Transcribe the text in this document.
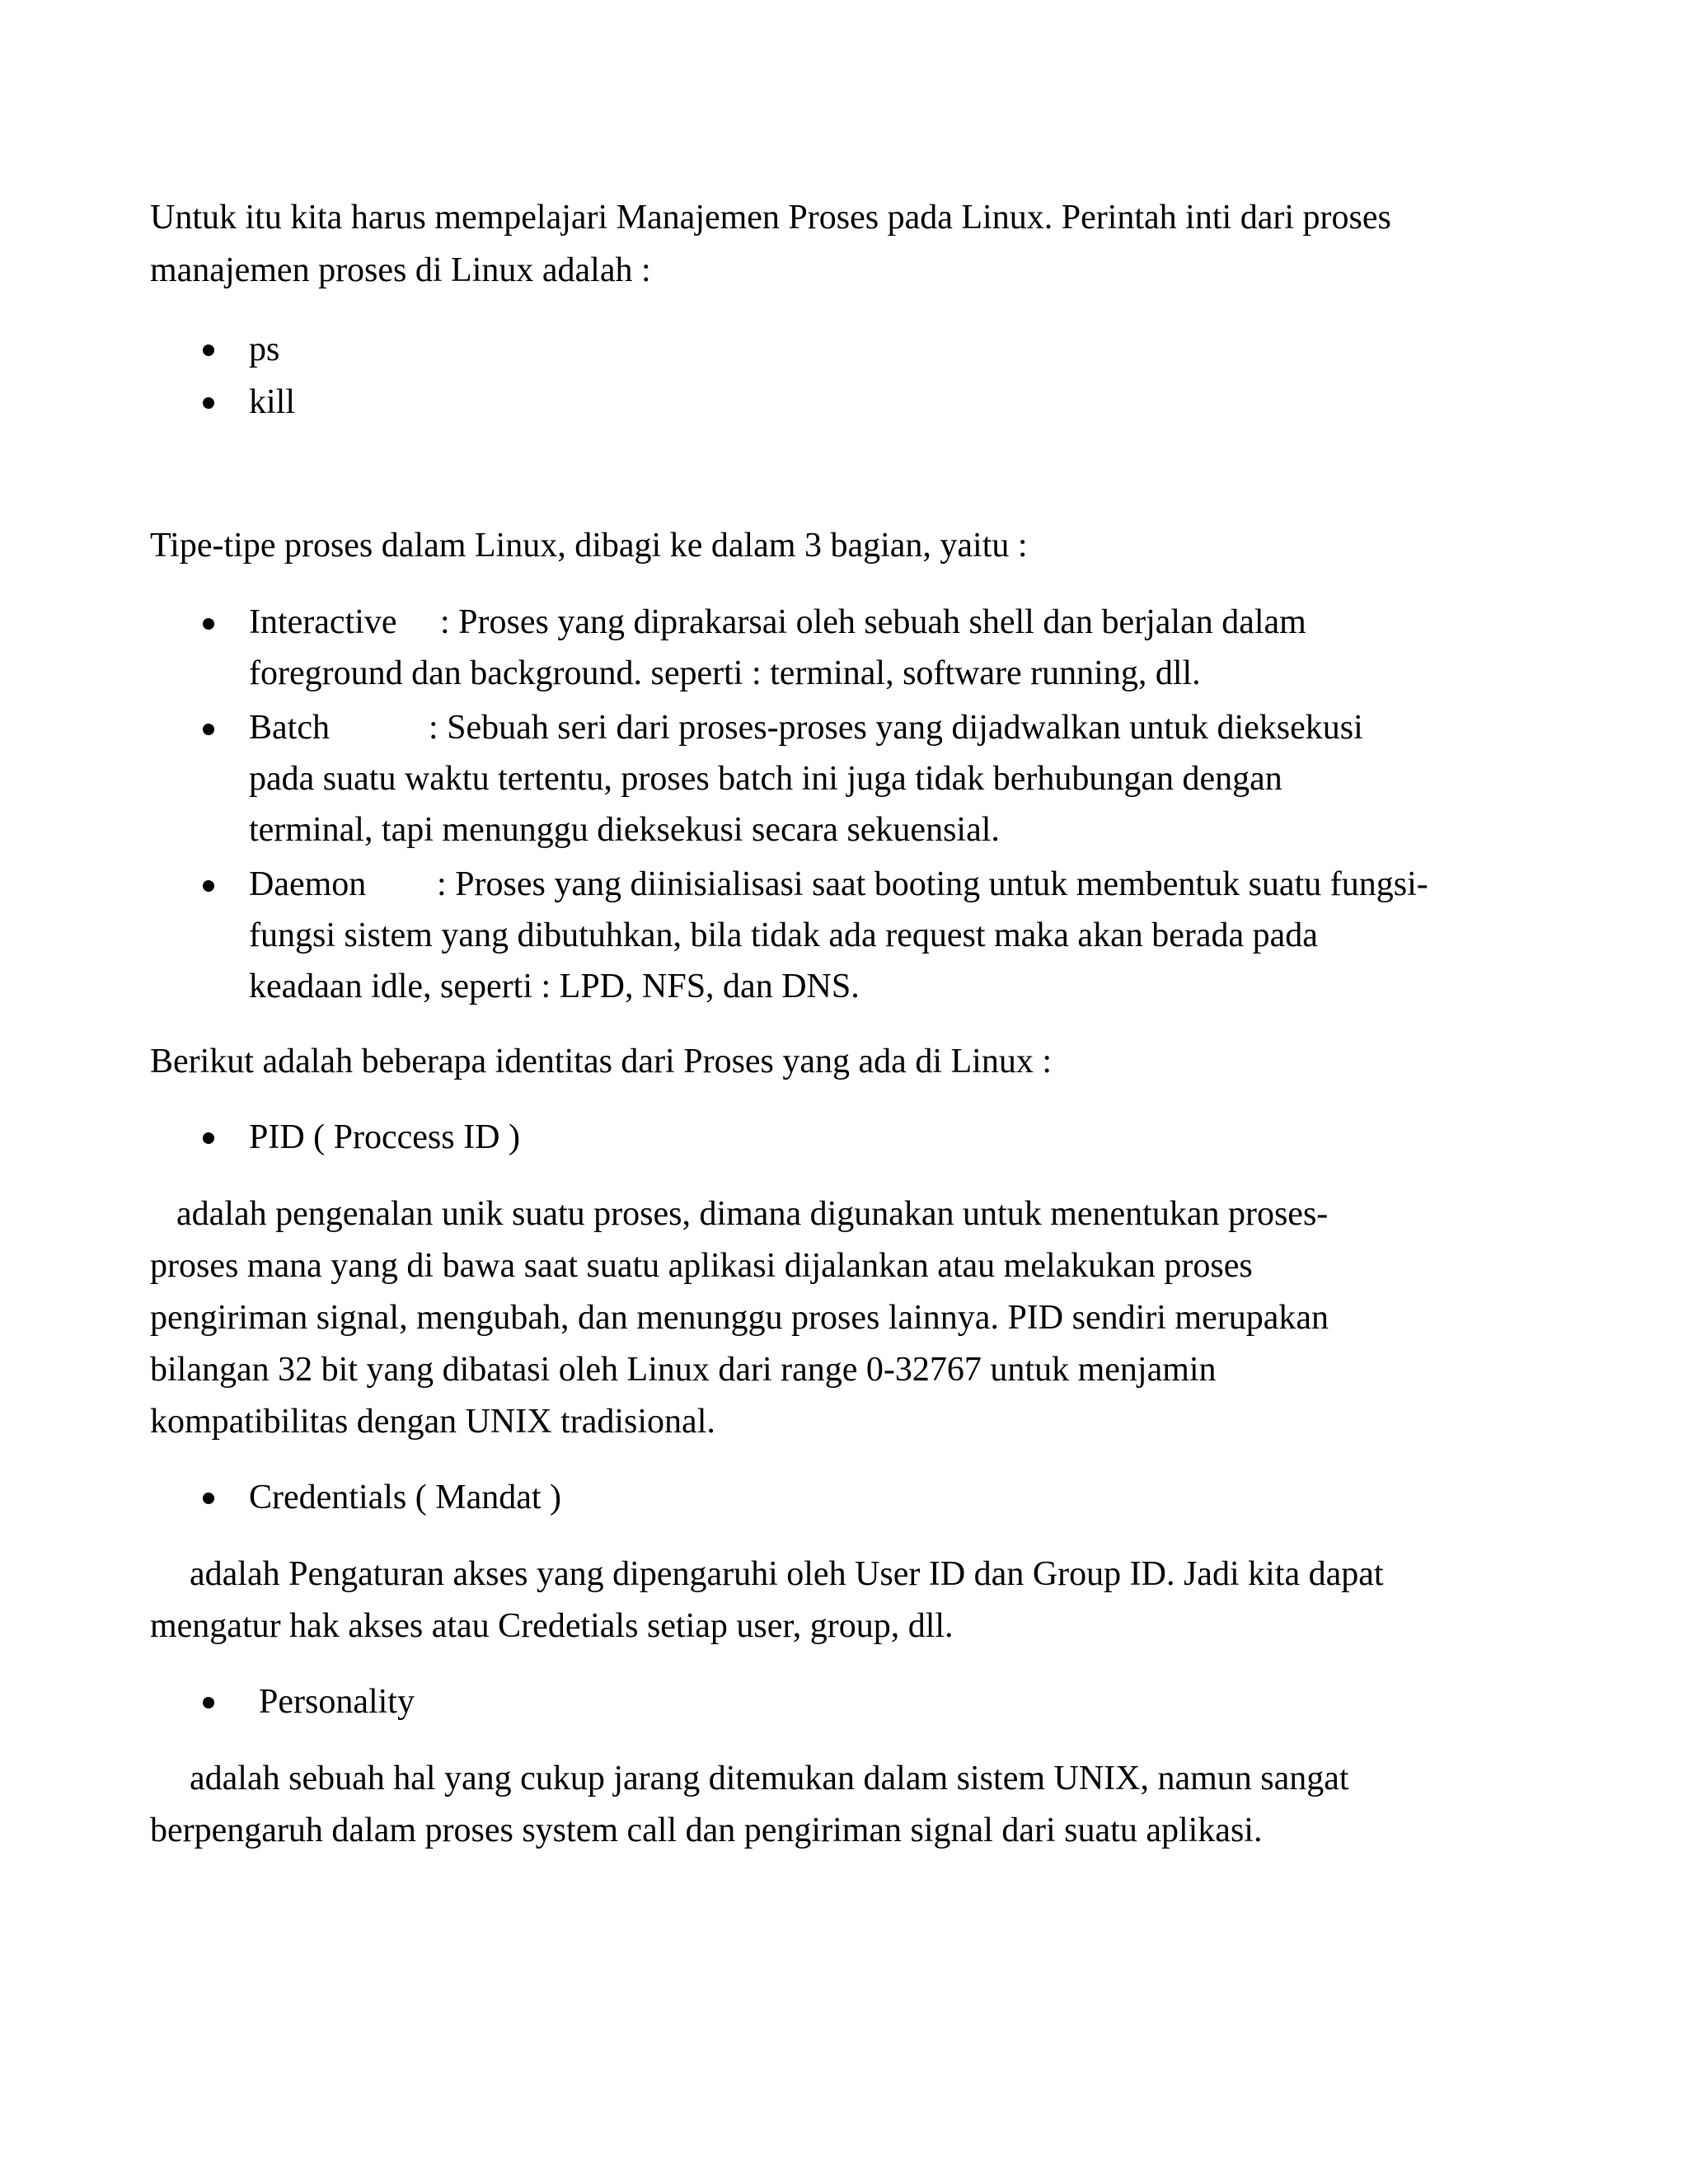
Untuk itu kita harus mempelajari Manajemen Proses pada Linux. Perintah inti dari proses
manajemen proses di Linux adalah :

ps
kill

Tipe-tipe proses dalam Linux, dibagi ke dalam 3 bagian, yaitu :

Interactive : Proses yang diprakarsai oleh sebuah shell dan berjalan dalam
foreground dan background. seperti : terminal, software running, dll.
Batch	: Sebuah seri dari proses-proses yang dijadwalkan untuk dieksekusi
pada suatu waktu tertentu, proses batch ini juga tidak berhubungan dengan
terminal, tapi menunggu dieksekusi secara sekuensial.
Daemon : Proses yang diinisialisasi saat booting untuk membentuk suatu fungsi-
fungsi sistem yang dibutuhkan, bila tidak ada request maka akan berada pada
keadaan idle, seperti : LPD, NFS, dan DNS.

Berikut adalah beberapa identitas dari Proses yang ada di Linux :

PID ( Proccess ID )

adalah pengenalan unik suatu proses, dimana digunakan untuk menentukan proses-
proses mana yang di bawa saat suatu aplikasi dijalankan atau melakukan proses
pengiriman signal, mengubah, dan menunggu proses lainnya. PID sendiri merupakan
bilangan 32 bit yang dibatasi oleh Linux dari range 0-32767 untuk menjamin
kompatibilitas dengan UNIX tradisional.

Credentials ( Mandat )

adalah Pengaturan akses yang dipengaruhi oleh User ID dan Group ID. Jadi kita dapat
mengatur hak akses atau Credetials setiap user, group, dll.

Personality

adalah sebuah hal yang cukup jarang ditemukan dalam sistem UNIX, namun sangat
berpengaruh dalam proses system call dan pengiriman signal dari suatu aplikasi.
